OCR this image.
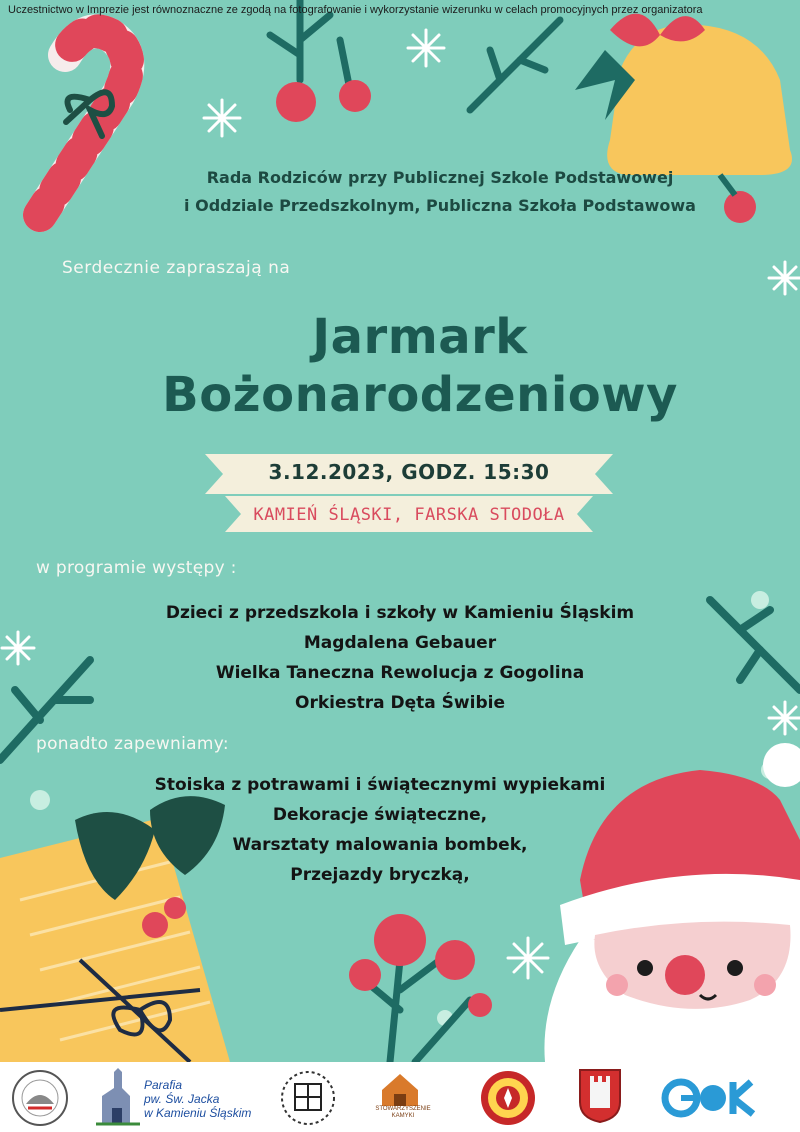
Uczestnictwo w Imprezie jest równoznaczne ze zgodą na fotografowanie i wykorzystanie wizerunku w celach promocyjnych przez organizatora
Rada Rodziców przy Publicznej Szkole Podstawowej
i Oddziale Przedszkolnym, Publiczna Szkoła Podstawowa
Serdecznie zapraszają na
Jarmark
Bożonarodzeniowy
3.12.2023, GODZ. 15:30
KAMIEŃ ŚLĄSKI, FARSKA STODOŁA
w programie występy :
Dzieci z przedszkola i szkoły w Kamieniu Śląskim
Magdalena Gebauer
Wielka Taneczna Rewolucja z Gogolina
Orkiestra Dęta Świbie
ponadto zapewniamy:
Stoiska z potrawami i świątecznymi wypiekami
Dekoracje świąteczne,
Warsztaty malowania bombek,
Przejazdy bryczką,
Parafia
pw. Św. Jacka
w Kamieniu Śląskim	STOWARZYSZENIE KAMYKI
